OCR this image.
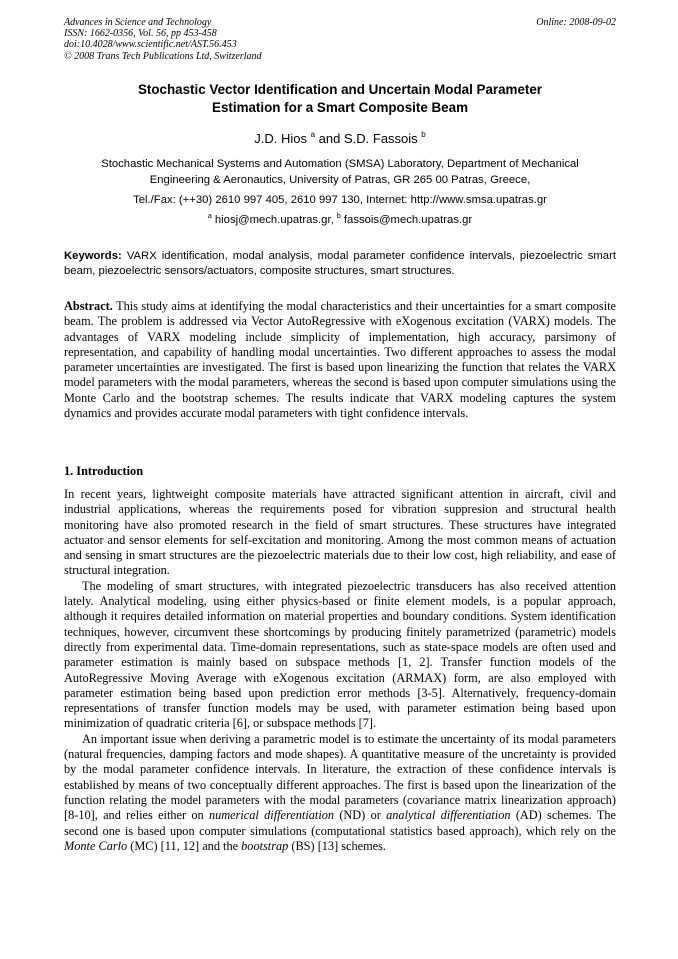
Advances in Science and Technology
ISSN: 1662-0356, Vol. 56, pp 453-458
doi:10.4028/www.scientific.net/AST.56.453
© 2008 Trans Tech Publications Ltd, Switzerland
Online: 2008-09-02
Stochastic Vector Identification and Uncertain Modal Parameter
Estimation for a Smart Composite Beam
J.D. Hios $^a$ and S.D. Fassois $^b$
Stochastic Mechanical Systems and Automation (SMSA) Laboratory, Department of Mechanical
Engineering & Aeronautics, University of Patras, GR 265 00 Patras, Greece,
Tel./Fax: (++30) 2610 997 405, 2610 997 130, Internet: http://www.smsa.upatras.gr
$^a$ hiosj@mech.upatras.gr, $^b$ fassois@mech.upatras.gr
Keywords: VARX identification, modal analysis, modal parameter confidence intervals, piezoelectric smart beam, piezoelectric sensors/actuators, composite structures, smart structures.

Abstract. This study aims at identifying the modal characteristics and their uncertainties for a smart composite beam. The problem is addressed via Vector AutoRegressive with eXogenous excitation (VARX) models. The advantages of VARX modeling include simplicity of implementation, high accuracy, parsimony of representation, and capability of handling modal uncertainties. Two different approaches to assess the modal parameter uncertainties are investigated. The first is based upon linearizing the function that relates the VARX model parameters with the modal parameters, whereas the second is based upon computer simulations using the Monte Carlo and the bootstrap schemes. The results indicate that VARX modeling captures the system dynamics and provides accurate modal parameters with tight confidence intervals.

1. Introduction

In recent years, lightweight composite materials have attracted significant attention in aircraft, civil and industrial applications, whereas the requirements posed for vibration suppresion and structural health monitoring have also promoted research in the field of smart structures. These structures have integrated actuator and sensor elements for self-excitation and monitoring. Among the most common means of actuation and sensing in smart structures are the piezoelectric materials due to their low cost, high reliability, and ease of structural integration.

The modeling of smart structures, with integrated piezoelectric transducers has also received attention lately. Analytical modeling, using either physics-based or finite element models, is a popular approach, although it requires detailed information on material properties and boundary conditions. System identification techniques, however, circumvent these shortcomings by producing finitely parametrized (parametric) models directly from experimental data. Time-domain representations, such as state-space models are often used and parameter estimation is mainly based on subspace methods [1, 2]. Transfer function models of the AutoRegressive Moving Average with eXogenous excitation (ARMAX) form, are also employed with parameter estimation being based upon prediction error methods [3-5]. Alternatively, frequency-domain representations of transfer function models may be used, with parameter estimation being based upon minimization of quadratic criteria [6], or subspace methods [7].

An important issue when deriving a parametric model is to estimate the uncertainty of its modal parameters (natural frequencies, damping factors and mode shapes). A quantitative measure of the uncretainty is provided by the modal parameter confidence intervals. In literature, the extraction of these confidence intervals is established by means of two conceptually different approaches. The first is based upon the linearization of the function relating the model parameters with the modal parameters (covariance matrix linearization approach) [8-10], and relies either on numerical differentiation (ND) or analytical differentiation (AD) schemes. The second one is based upon computer simulations (computational statistics based approach), which rely on the Monte Carlo (MC) [11, 12] and the bootstrap (BS) [13] schemes.
